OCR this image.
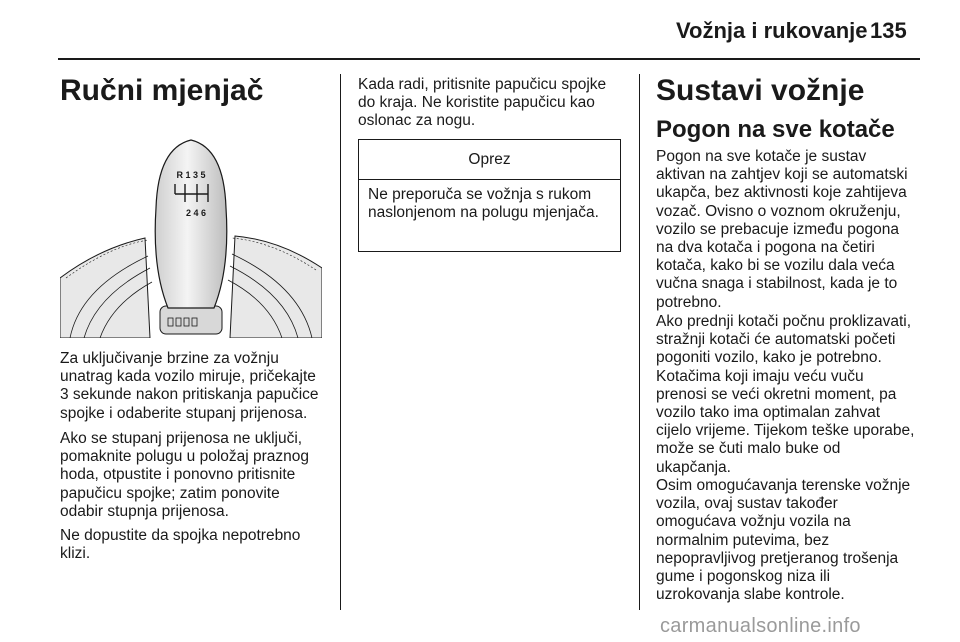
Vožnja i rukovanje 135
Ručni mjenjač
R 1 3 5
2 4 6
Za uključivanje brzine za vožnju
unatrag kada vozilo miruje, pričekajte
3 sekunde nakon pritiskanja papučice
spojke i odaberite stupanj prijenosa.
Ako se stupanj prijenosa ne uključi,
pomaknite polugu u položaj praznog
hoda, otpustite i ponovno pritisnite
papučicu spojke; zatim ponovite
odabir stupnja prijenosa.
Ne dopustite da spojka nepotrebno
klizi.
Kada radi, pritisnite papučicu spojke
do kraja. Ne koristite papučicu kao
oslonac za nogu.
Oprez
Ne preporuča se vožnja s rukom
naslonjenom na polugu mjenjača.
Sustavi vožnje
Pogon na sve kotače
Pogon na sve kotače je sustav
aktivan na zahtjev koji se automatski
ukapča, bez aktivnosti koje zahtijeva
vozač. Ovisno o voznom okruženju,
vozilo se prebacuje između pogona
na dva kotača i pogona na četiri
kotača, kako bi se vozilu dala veća
vučna snaga i stabilnost, kada je to
potrebno.
Ako prednji kotači počnu proklizavati,
stražnji kotači će automatski početi
pogoniti vozilo, kako je potrebno.
Kotačima koji imaju veću vuču
prenosi se veći okretni moment, pa
vozilo tako ima optimalan zahvat
cijelo vrijeme. Tijekom teške uporabe,
može se čuti malo buke od
ukapčanja.
Osim omogućavanja terenske vožnje
vozila, ovaj sustav također
omogućava vožnju vozila na
normalnim putevima, bez
nepopravljivog pretjeranog trošenja
gume i pogonskog niza ili
uzrokovanja slabe kontrole.
carmanualsonline.info
